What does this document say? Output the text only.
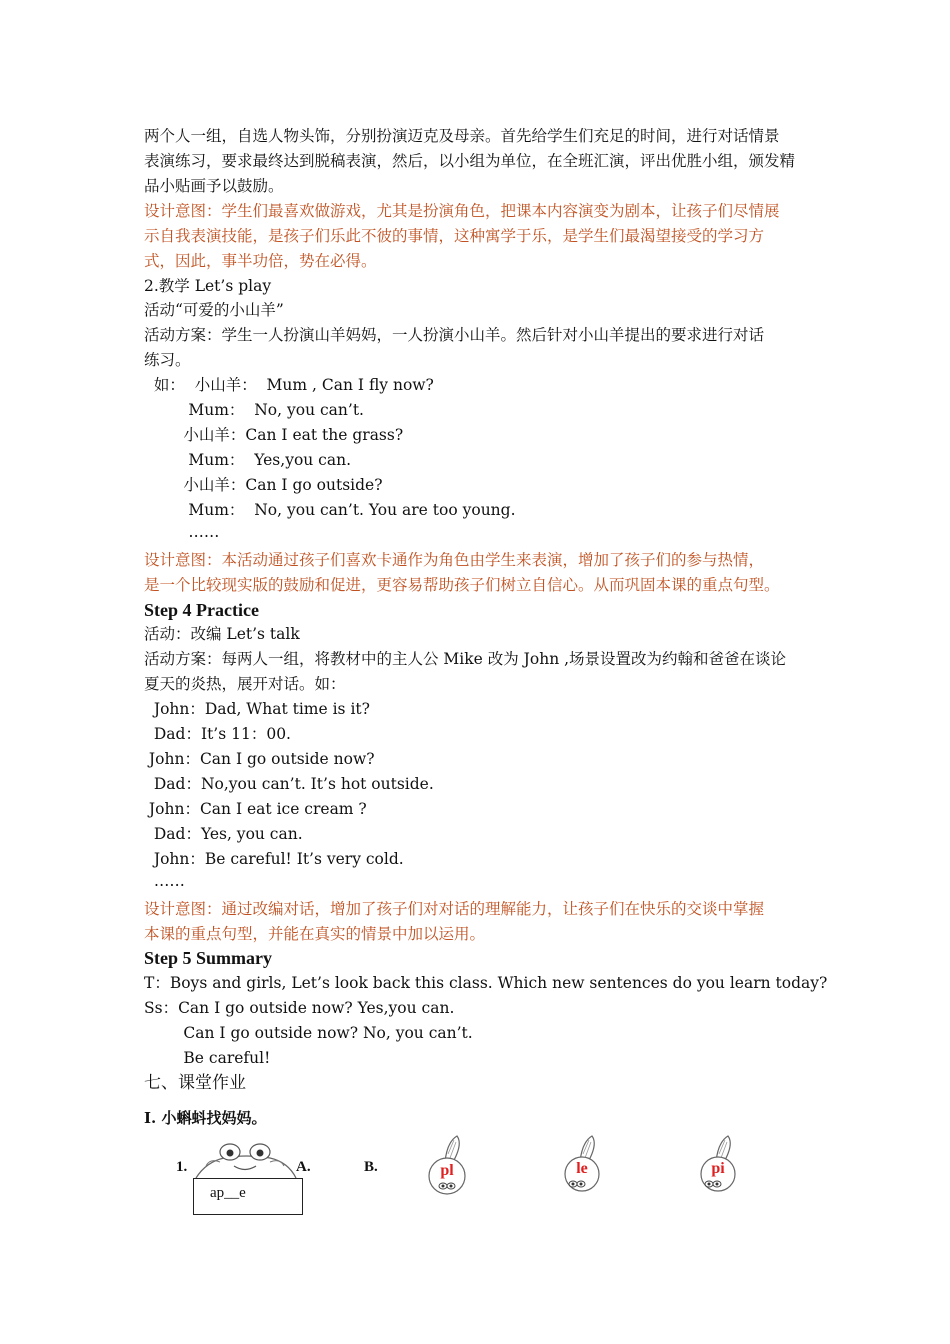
两个人一组，自选人物头饰，分别扮演迈克及母亲。首先给学生们充足的时间，进行对话情景
表演练习，要求最终达到脱稿表演，然后，以小组为单位，在全班汇演，评出优胜小组，颁发精
品小贴画予以鼓励。
设计意图：学生们最喜欢做游戏，尤其是扮演角色，把课本内容演变为剧本，让孩子们尽情展
示自我表演技能，是孩子们乐此不彼的事情，这种寓学于乐，是学生们最渴望接受的学习方
式，因此，事半功倍，势在必得。
2.教学 Let’s play
活动“可爱的小山羊”
活动方案：学生一人扮演山羊妈妈，一人扮演小山羊。然后针对小山羊提出的要求进行对话
练习。
如：  小山羊：  Mum , Can I fly now?
Mum：  No, you can’t.
小山羊：Can I eat the grass?
Mum：  Yes,you can.
小山羊：Can I go outside?
Mum：  No, you can’t. You are too young.
……
设计意图：本活动通过孩子们喜欢卡通作为角色由学生来表演，增加了孩子们的参与热情，
是一个比较现实版的鼓励和促进，更容易帮助孩子们树立自信心。从而巩固本课的重点句型。
Step 4 Practice
活动：改编 Let’s talk
活动方案：每两人一组，将教材中的主人公 Mike 改为 John ,场景设置改为约翰和爸爸在谈论
夏天的炎热，展开对话。如：
John：Dad, What time is it?
Dad：It’s 11：00.
John：Can I go outside now?
Dad：No,you can’t. It’s hot outside.
John：Can I eat ice cream ?
Dad：Yes, you can.
John：Be careful! It’s very cold.
……
设计意图：通过改编对话，增加了孩子们对对话的理解能力，让孩子们在快乐的交谈中掌握
本课的重点句型，并能在真实的情景中加以运用。
Step 5 Summary
T：Boys and girls, Let’s look back this class. Which new sentences do you learn today?
Ss：Can I go outside now? Yes,you can.
Can I go outside now? No, you can’t.
Be careful!
七、课堂作业
Ⅰ. 小蝌蚪找妈妈。
1.
ap__e
A.	B.	pl	le	pi
